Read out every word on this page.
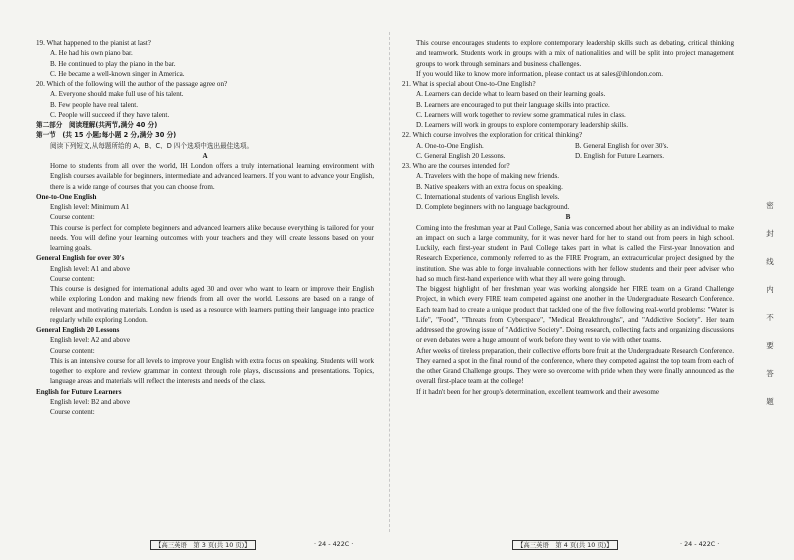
19. What happened to the pianist at last?
A. He had his own piano bar.
B. He continued to play the piano in the bar.
C. He became a well-known singer in America.
20. Which of the following will the author of the passage agree on?
A. Everyone should make full use of his talent.
B. Few people have real talent.
C. People will succeed if they have talent.
第二部分　阅读理解(共两节,满分 40 分)
第一节　(共 15 小题;每小题 2 分,满分 30 分)
阅读下列短文,从每题所给的 A、B、C、D 四个选项中选出最佳选项。
A
Home to students from all over the world, IH London offers a truly international learning environment with English courses available for beginners, intermediate and advanced learners. If you want to advance your English, there is a wide range of courses that you can choose from.
One-to-One English
English level: Minimum A1
Course content:
This course is perfect for complete beginners and advanced learners alike because everything is tailored for your needs. You will define your learning outcomes with your teachers and they will create lessons based on your learning goals.
General English for over 30's
English level: A1 and above
Course content:
This course is designed for international adults aged 30 and over who want to learn or improve their English while exploring London and making new friends from all over the world. Lessons are based on a range of relevant and motivating materials. London is used as a resource with learners putting their language into practice regularly while exploring London.
General English 20 Lessons
English level: A2 and above
Course content:
This is an intensive course for all levels to improve your English with extra focus on speaking. Students will work together to explore and review grammar in context through role plays, discussions and presentations. Topics, language areas and materials will reflect the interests and needs of the class.
English for Future Learners
English level: B2 and above
Course content:
This course encourages students to explore contemporary leadership skills such as debating, critical thinking and teamwork. Students work in groups with a mix of nationalities and will be split into project management groups to work through seminars and business challenges.
If you would like to know more information, please contact us at sales@ihlondon.com.
21. What is special about One-to-One English?
A. Learners can decide what to learn based on their learning goals.
B. Learners are encouraged to put their language skills into practice.
C. Learners will work together to review some grammatical rules in class.
D. Learners will work in groups to explore contemporary leadership skills.
22. Which course involves the exploration for critical thinking?
A. One-to-One English.	B. General English for over 30's.
C. General English 20 Lessons.	D. English for Future Learners.
23. Who are the courses intended for?
A. Travelers with the hope of making new friends.
B. Native speakers with an extra focus on speaking.
C. International students of various English levels.
D. Complete beginners with no language background.
B
Coming into the freshman year at Paul College, Sania was concerned about her ability as an individual to make an impact on such a large community, for it was never hard for her to stand out from peers in high school. Luckily, each first-year student in Paul College takes part in what is called the First-year Innovation and Research Experience, commonly referred to as the FIRE Program, an extracurricular project designed by the institution. She was able to forge invaluable connections with her fellow students and their peer adviser who had so much first-hand experience with what they all were going through.
The biggest highlight of her freshman year was working alongside her FIRE team on a Grand Challenge Project, in which every FIRE team competed against one another in the Undergraduate Research Conference. Each team had to create a unique product that tackled one of the five following real-world problems: "Water is Life", "Food", "Threats from Cyberspace", "Medical Breakthroughs", and "Addictive Society". Her team addressed the growing issue of "Addictive Society". Doing research, collecting facts and organizing discussions or even debates were a huge amount of work before they went to vie with other teams.
After weeks of tireless preparation, their collective efforts bore fruit at the Undergraduate Research Conference. They earned a spot in the final round of the conference, where they competed against the top team from each of the other Grand Challenge groups. They were so overcome with pride when they were finally announced as the overall first-place team at the college!
If it hadn't been for her group's determination, excellent teamwork and their awesome
密
封
线
内
不
要
答
题
【高三英语　第 3 页(共 10 页)】	· 24 - 422C ·	【高三英语　第 4 页(共 10 页)】	· 24 - 422C ·
